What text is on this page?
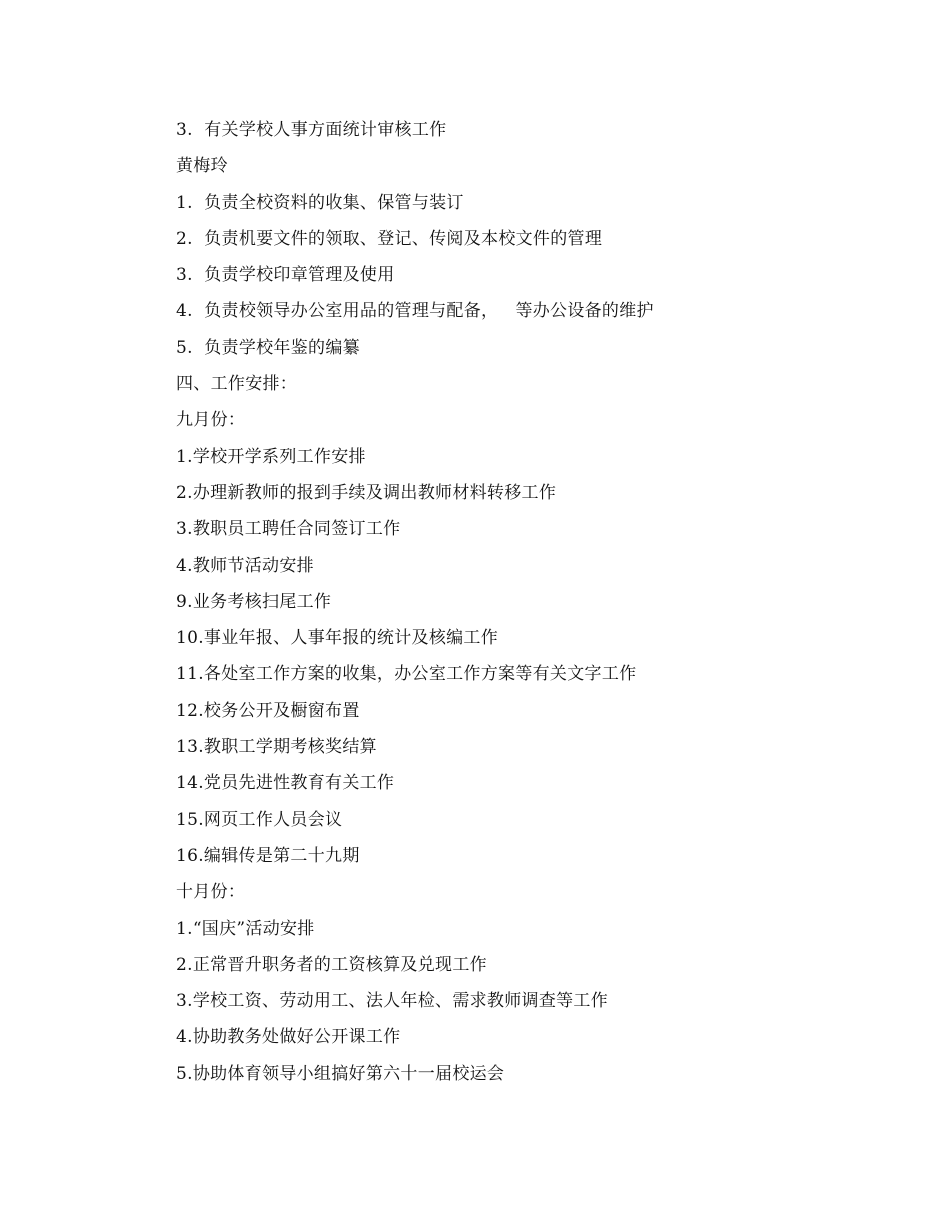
3.  有关学校人事方面统计审核工作
黄梅玲
1.  负责全校资料的收集、保管与装订
2.  负责机要文件的领取、登记、传阅及本校文件的管理
3.  负责学校印章管理及使用
4.  负责校领导办公室用品的管理与配备，   等办公设备的维护
5.  负责学校年鉴的编纂
四、工作安排：
九月份：
1.学校开学系列工作安排
2.办理新教师的报到手续及调出教师材料转移工作
3.教职员工聘任合同签订工作
4.教师节活动安排
9.业务考核扫尾工作
10.事业年报、人事年报的统计及核编工作
11.各处室工作方案的收集，办公室工作方案等有关文字工作
12.校务公开及橱窗布置
13.教职工学期考核奖结算
14.党员先进性教育有关工作
15.网页工作人员会议
16.编辑传是第二十九期
十月份：
1.“国庆”活动安排
2.正常晋升职务者的工资核算及兑现工作
3.学校工资、劳动用工、法人年检、需求教师调查等工作
4.协助教务处做好公开课工作
5.协助体育领导小组搞好第六十一届校运会
